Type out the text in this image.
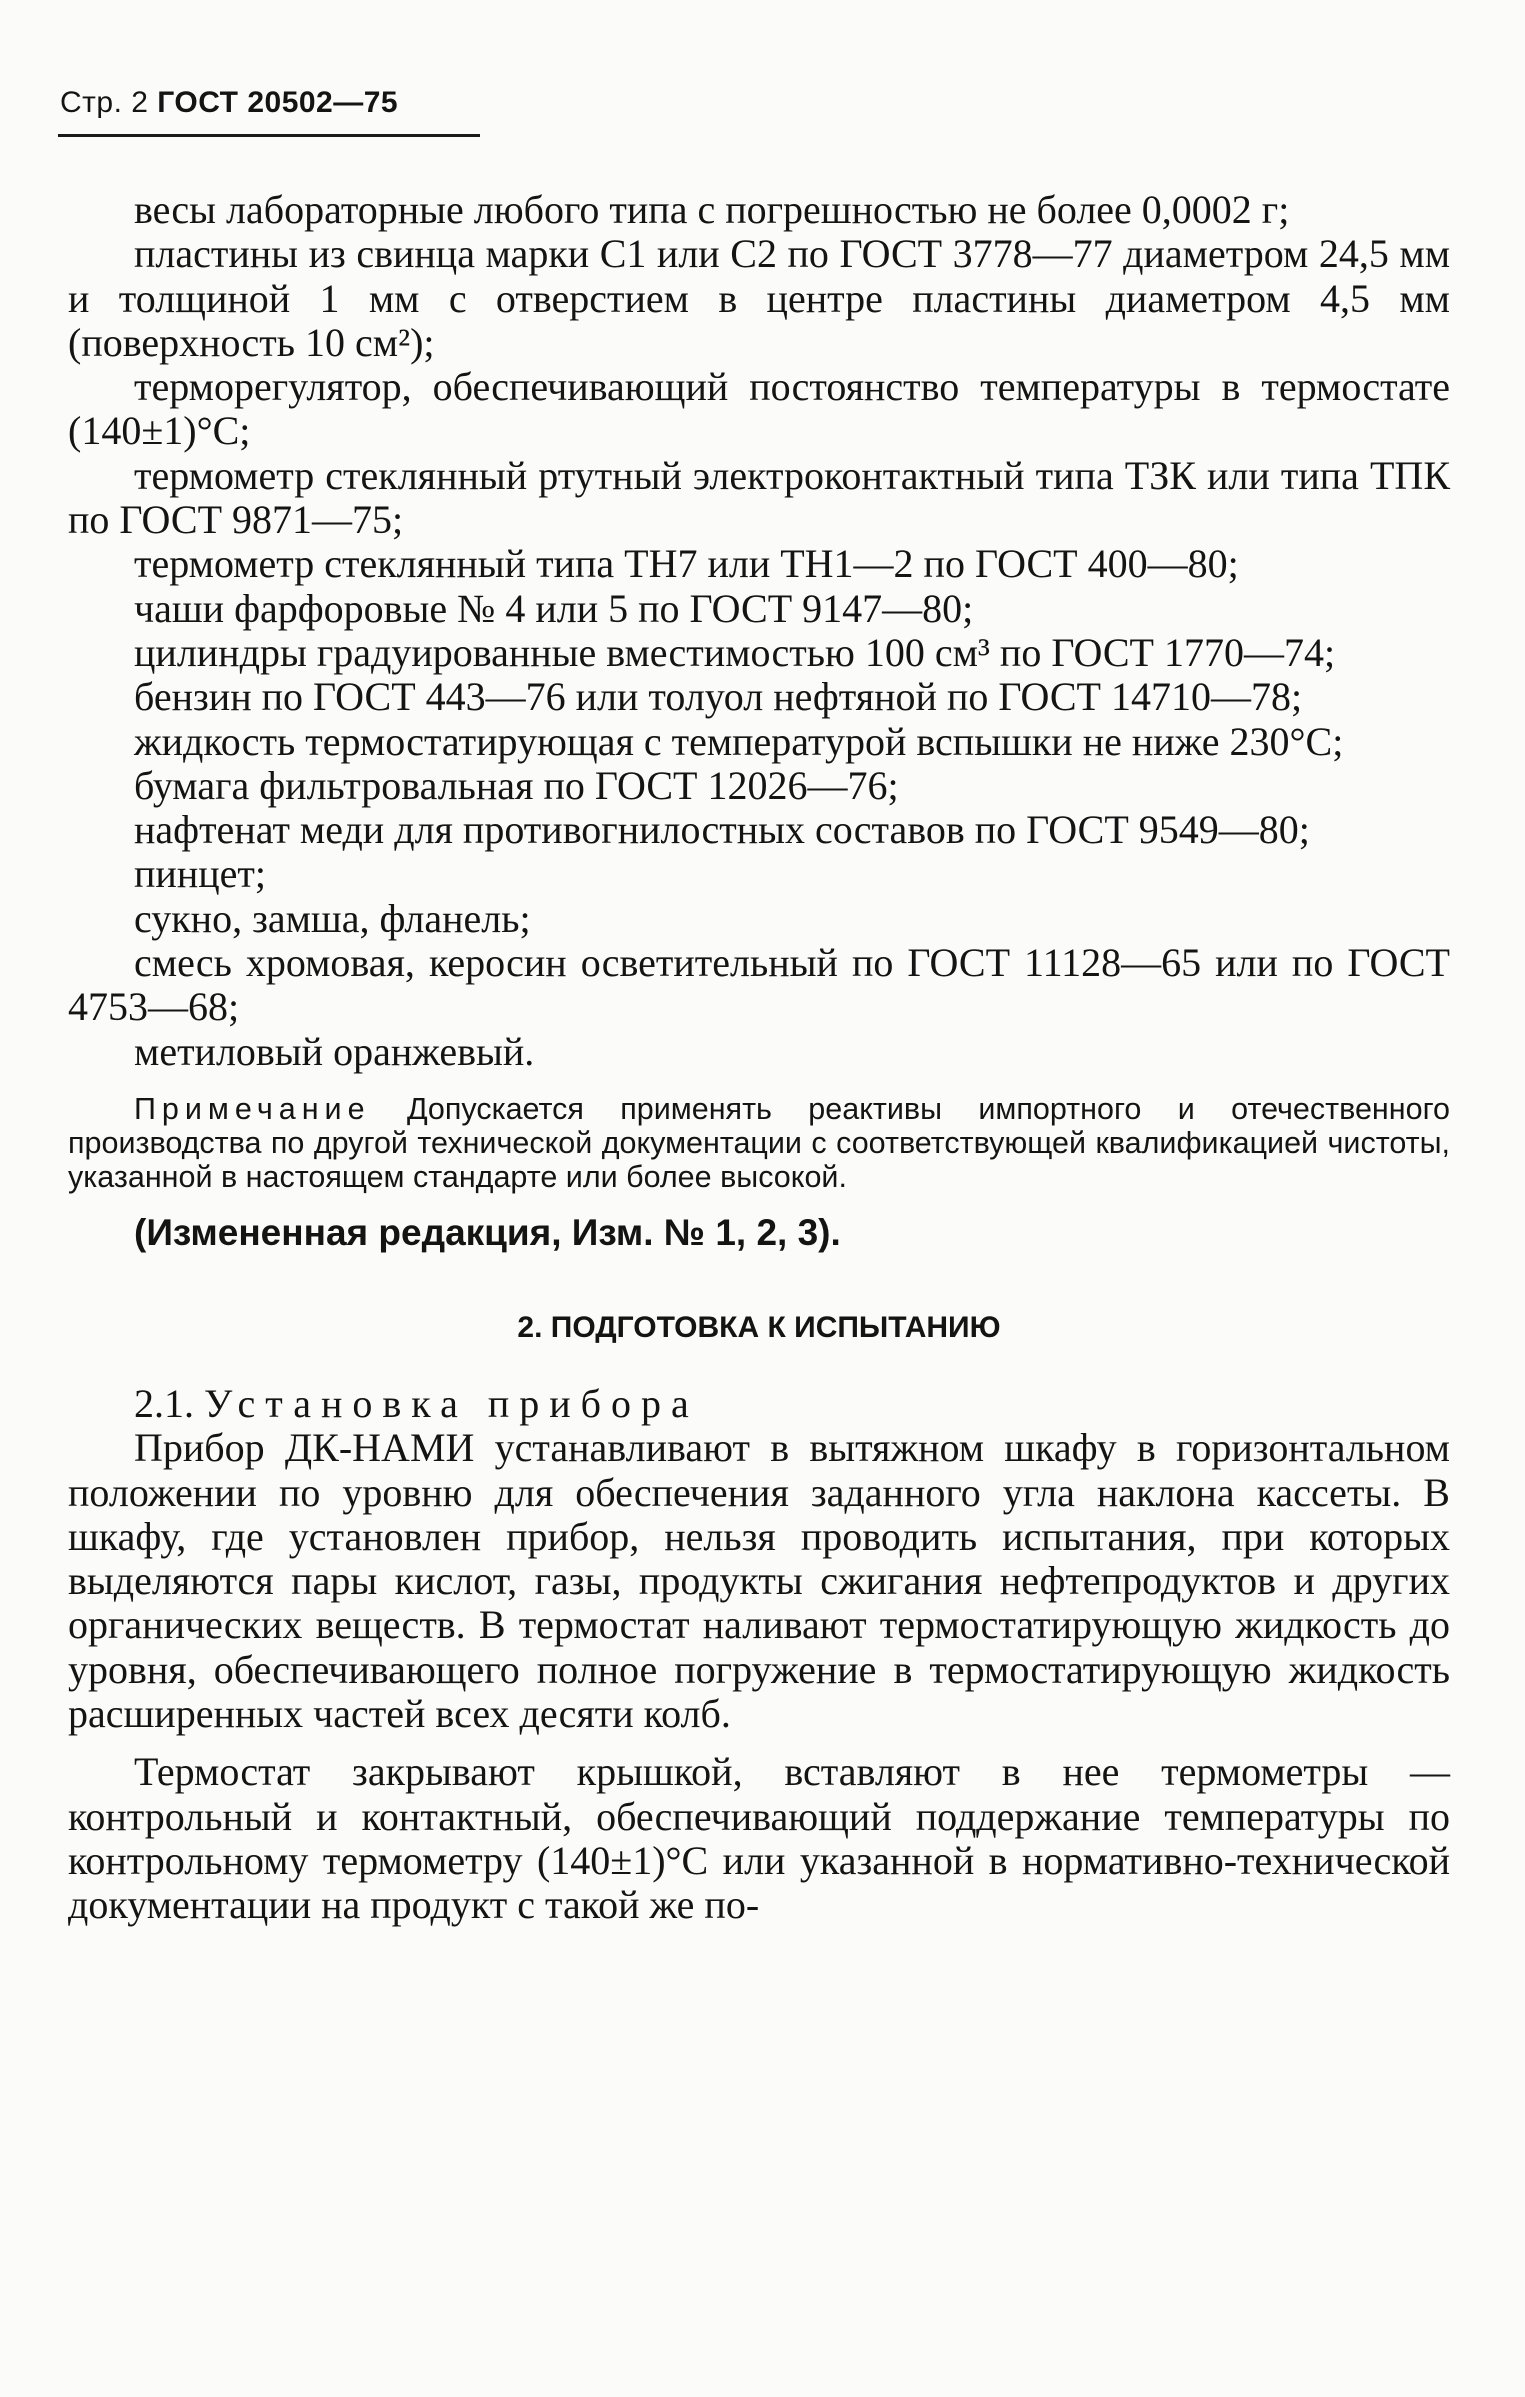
Стр. 2 ГОСТ 20502—75

весы лабораторные любого типа с погрешностью не более 0,0002 г;

пластины из свинца марки С1 или С2 по ГОСТ 3778—77 диаметром 24,5 мм и толщиной 1 мм с отверстием в центре пластины диаметром 4,5 мм (поверхность 10 см²);

терморегулятор, обеспечивающий постоянство температуры в термостате (140±1)°С;

термометр стеклянный ртутный электроконтактный типа ТЗК или типа ТПК по ГОСТ 9871—75;

термометр стеклянный типа ТН7 или ТН1—2 по ГОСТ 400—80;

чаши фарфоровые № 4 или 5 по ГОСТ 9147—80;

цилиндры градуированные вместимостью 100 см³ по ГОСТ 1770—74;

бензин по ГОСТ 443—76 или толуол нефтяной по ГОСТ 14710—78;

жидкость термостатирующая с температурой вспышки не ниже 230°С;

бумага фильтровальная по ГОСТ 12026—76;

нафтенат меди для противогнилостных составов по ГОСТ 9549—80;

пинцет;

сукно, замша, фланель;

смесь хромовая, керосин осветительный по ГОСТ 11128—65 или по ГОСТ 4753—68;

метиловый оранжевый.

Примечание Допускается применять реактивы импортного и отечественного производства по другой технической документации с соответствующей квалификацией чистоты, указанной в настоящем стандарте или более высокой.

(Измененная редакция, Изм. № 1, 2, 3).

2. ПОДГОТОВКА К ИСПЫТАНИЮ

2.1. Установка прибора

Прибор ДК-НАМИ устанавливают в вытяжном шкафу в горизонтальном положении по уровню для обеспечения заданного угла наклона кассеты. В шкафу, где установлен прибор, нельзя проводить испытания, при которых выделяются пары кислот, газы, продукты сжигания нефтепродуктов и других органических веществ. В термостат наливают термостатирующую жидкость до уровня, обеспечивающего полное погружение в термостатирующую жидкость расширенных частей всех десяти колб.

Термостат закрывают крышкой, вставляют в нее термометры — контрольный и контактный, обеспечивающий поддержание температуры по контрольному термометру (140±1)°С или указанной в нормативно-технической документации на продукт с такой же по-
